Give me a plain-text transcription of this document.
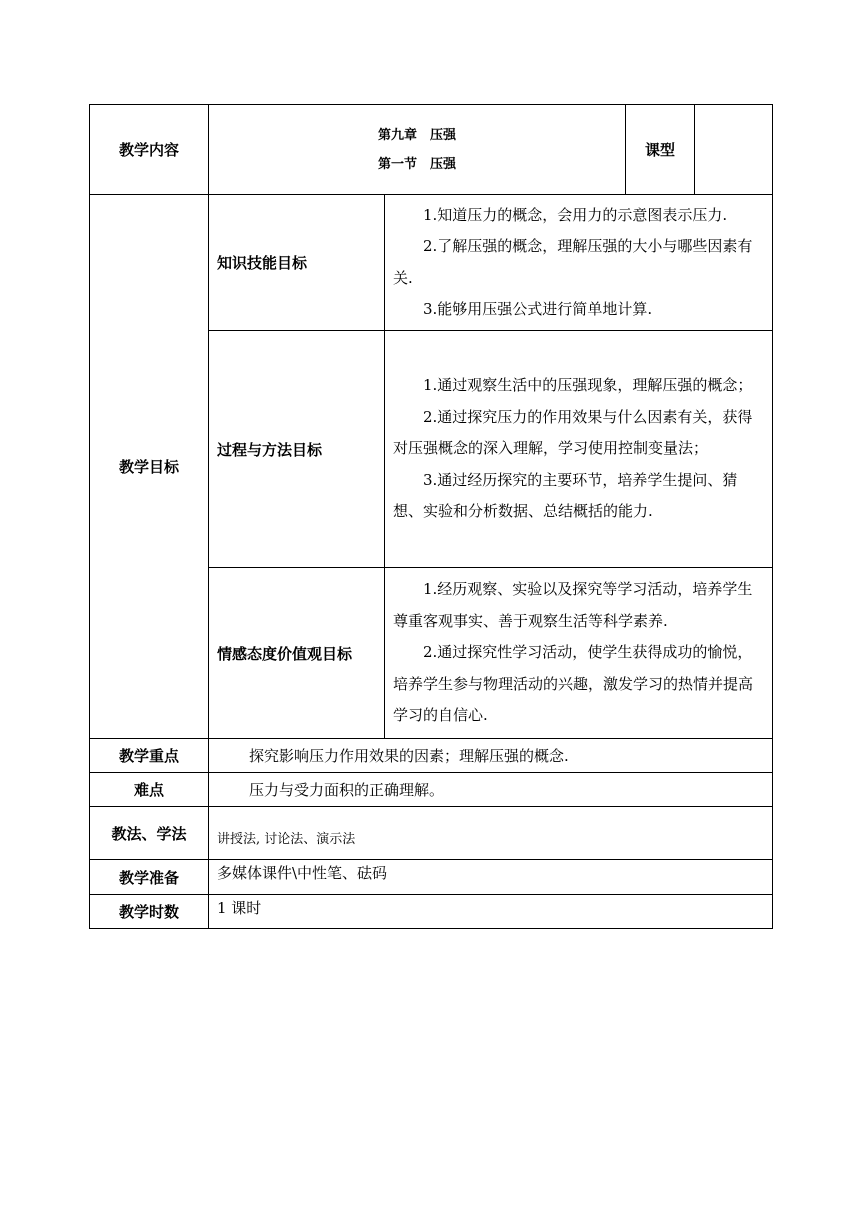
教学内容	第九章　压强
第一节　压强		课型	
教学目标	知识技能目标	1.知道压力的概念，会用力的示意图表示压力.

2.了解压强的概念，理解压强的大小与哪些因素有关.

3.能够用压强公式进行简单地计算.		

	过程与方法目标	1.通过观察生活中的压强现象，理解压强的概念；

2.通过探究压力的作用效果与什么因素有关，获得对压强概念的深入理解，学习使用控制变量法；

3.通过经历探究的主要环节，培养学生提问、猜想、实验和分析数据、总结概括的能力.		

	情感态度价值观目标	1.经历观察、实验以及探究等学习活动，培养学生尊重客观事实、善于观察生活等科学素养.

2.通过探究性学习活动，使学生获得成功的愉悦，培养学生参与物理活动的兴趣，激发学习的热情并提高学习的自信心.		

教学重点	探究影响压力作用效果的因素；理解压强的概念.			
难点	压力与受力面积的正确理解。			
教法、学法	讲授法, 讨论法、演示法			
教学准备	多媒体课件\中性笔、砝码			
教学时数	1 课时			
